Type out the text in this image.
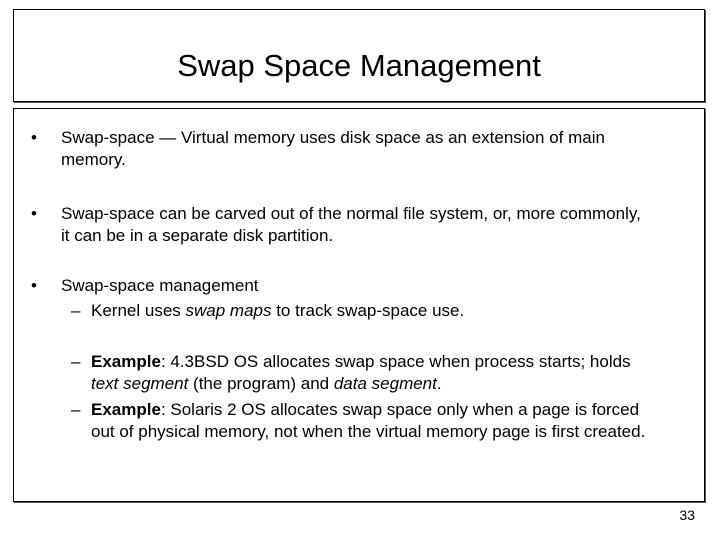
Swap Space Management
• Swap-space — Virtual memory uses disk space as an extension of main
memory.
• Swap-space can be carved out of the normal file system, or, more commonly,
it can be in a separate disk partition.
• Swap-space management
– Kernel uses swap maps to track swap-space use.
– Example: 4.3BSD OS allocates swap space when process starts; holds
text segment (the program) and data segment.
– Example: Solaris 2 OS allocates swap space only when a page is forced
out of physical memory, not when the virtual memory page is first created.
33
